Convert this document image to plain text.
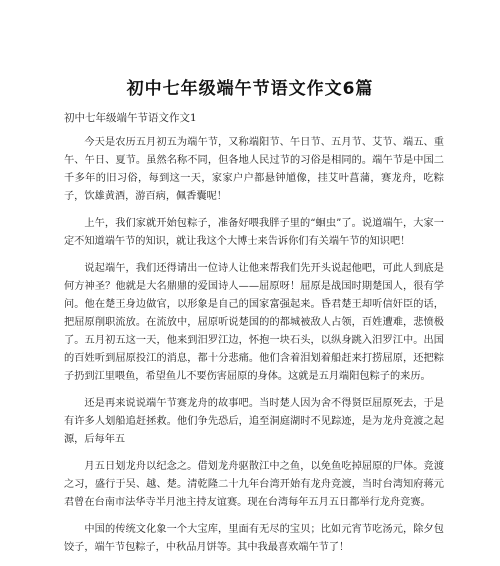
初中七年级端午节语文作文6篇
初中七年级端午节语文作文1

今天是农历五月初五为端午节，又称端阳节、午日节、五月节、艾节、端五、重午、午日、夏节。虽然名称不同，但各地人民过节的习俗是相同的。端午节是中国二千多年的旧习俗，每到这一天，家家户户都悬钟馗像，挂艾叶菖蒲，赛龙舟，吃粽子，饮雄黄酒，游百病，佩香囊呢！

上午，我们家就开始包粽子，准备好喂我胖子里的“蛔虫”了。说道端午，大家一定不知道端午节的知识，就让我这个大博士来告诉你们有关端午节的知识吧！

说起端午，我们还得请出一位诗人让他来帮我们先开头说起他吧，可此人到底是何方神圣？他就是大名鼎鼎的爱国诗人——屈原呀！屈原是战国时期楚国人，很有学问。他在楚王身边做官，以形象是自己的国家富强起来。昏君楚王却听信奸臣的话，把屈原削职流放。在流放中，屈原听说楚国的的都城被敌人占领，百姓遭难，悲愤极了。五月初五这一天，他来到汨罗江边，怀抱一块石头，以纵身跳入汨罗江中。出国的百姓听到屈原投江的消息，都十分悲痛。他们含着泪划着船赶来打捞屈原，还把粽子扔到江里喂鱼，希望鱼儿不要伤害屈原的身体。这就是五月端阳包粽子的来历。

还是再来说说端午节赛龙舟的故事吧。当时楚人因为舍不得贤臣屈原死去，于是有许多人划船追赶拯救。他们争先恐后，追至洞庭湖时不见踪迹，是为龙舟竞渡之起源，后每年五

月五日划龙舟以纪念之。借划龙舟驱散江中之鱼，以免鱼吃掉屈原的尸体。竞渡之习，盛行于吴、越、楚。清乾隆二十九年台湾开始有龙舟竞渡，当时台湾知府蒋元君曾在台南市法华寺半月池主持友谊赛。现在台湾每年五月五日都举行龙舟竞赛。

中国的传统文化象一个大宝库，里面有无尽的宝贝；比如元宵节吃汤元，除夕包饺子，端午节包粽子，中秋品月饼等。其中我最喜欢端午节了！
